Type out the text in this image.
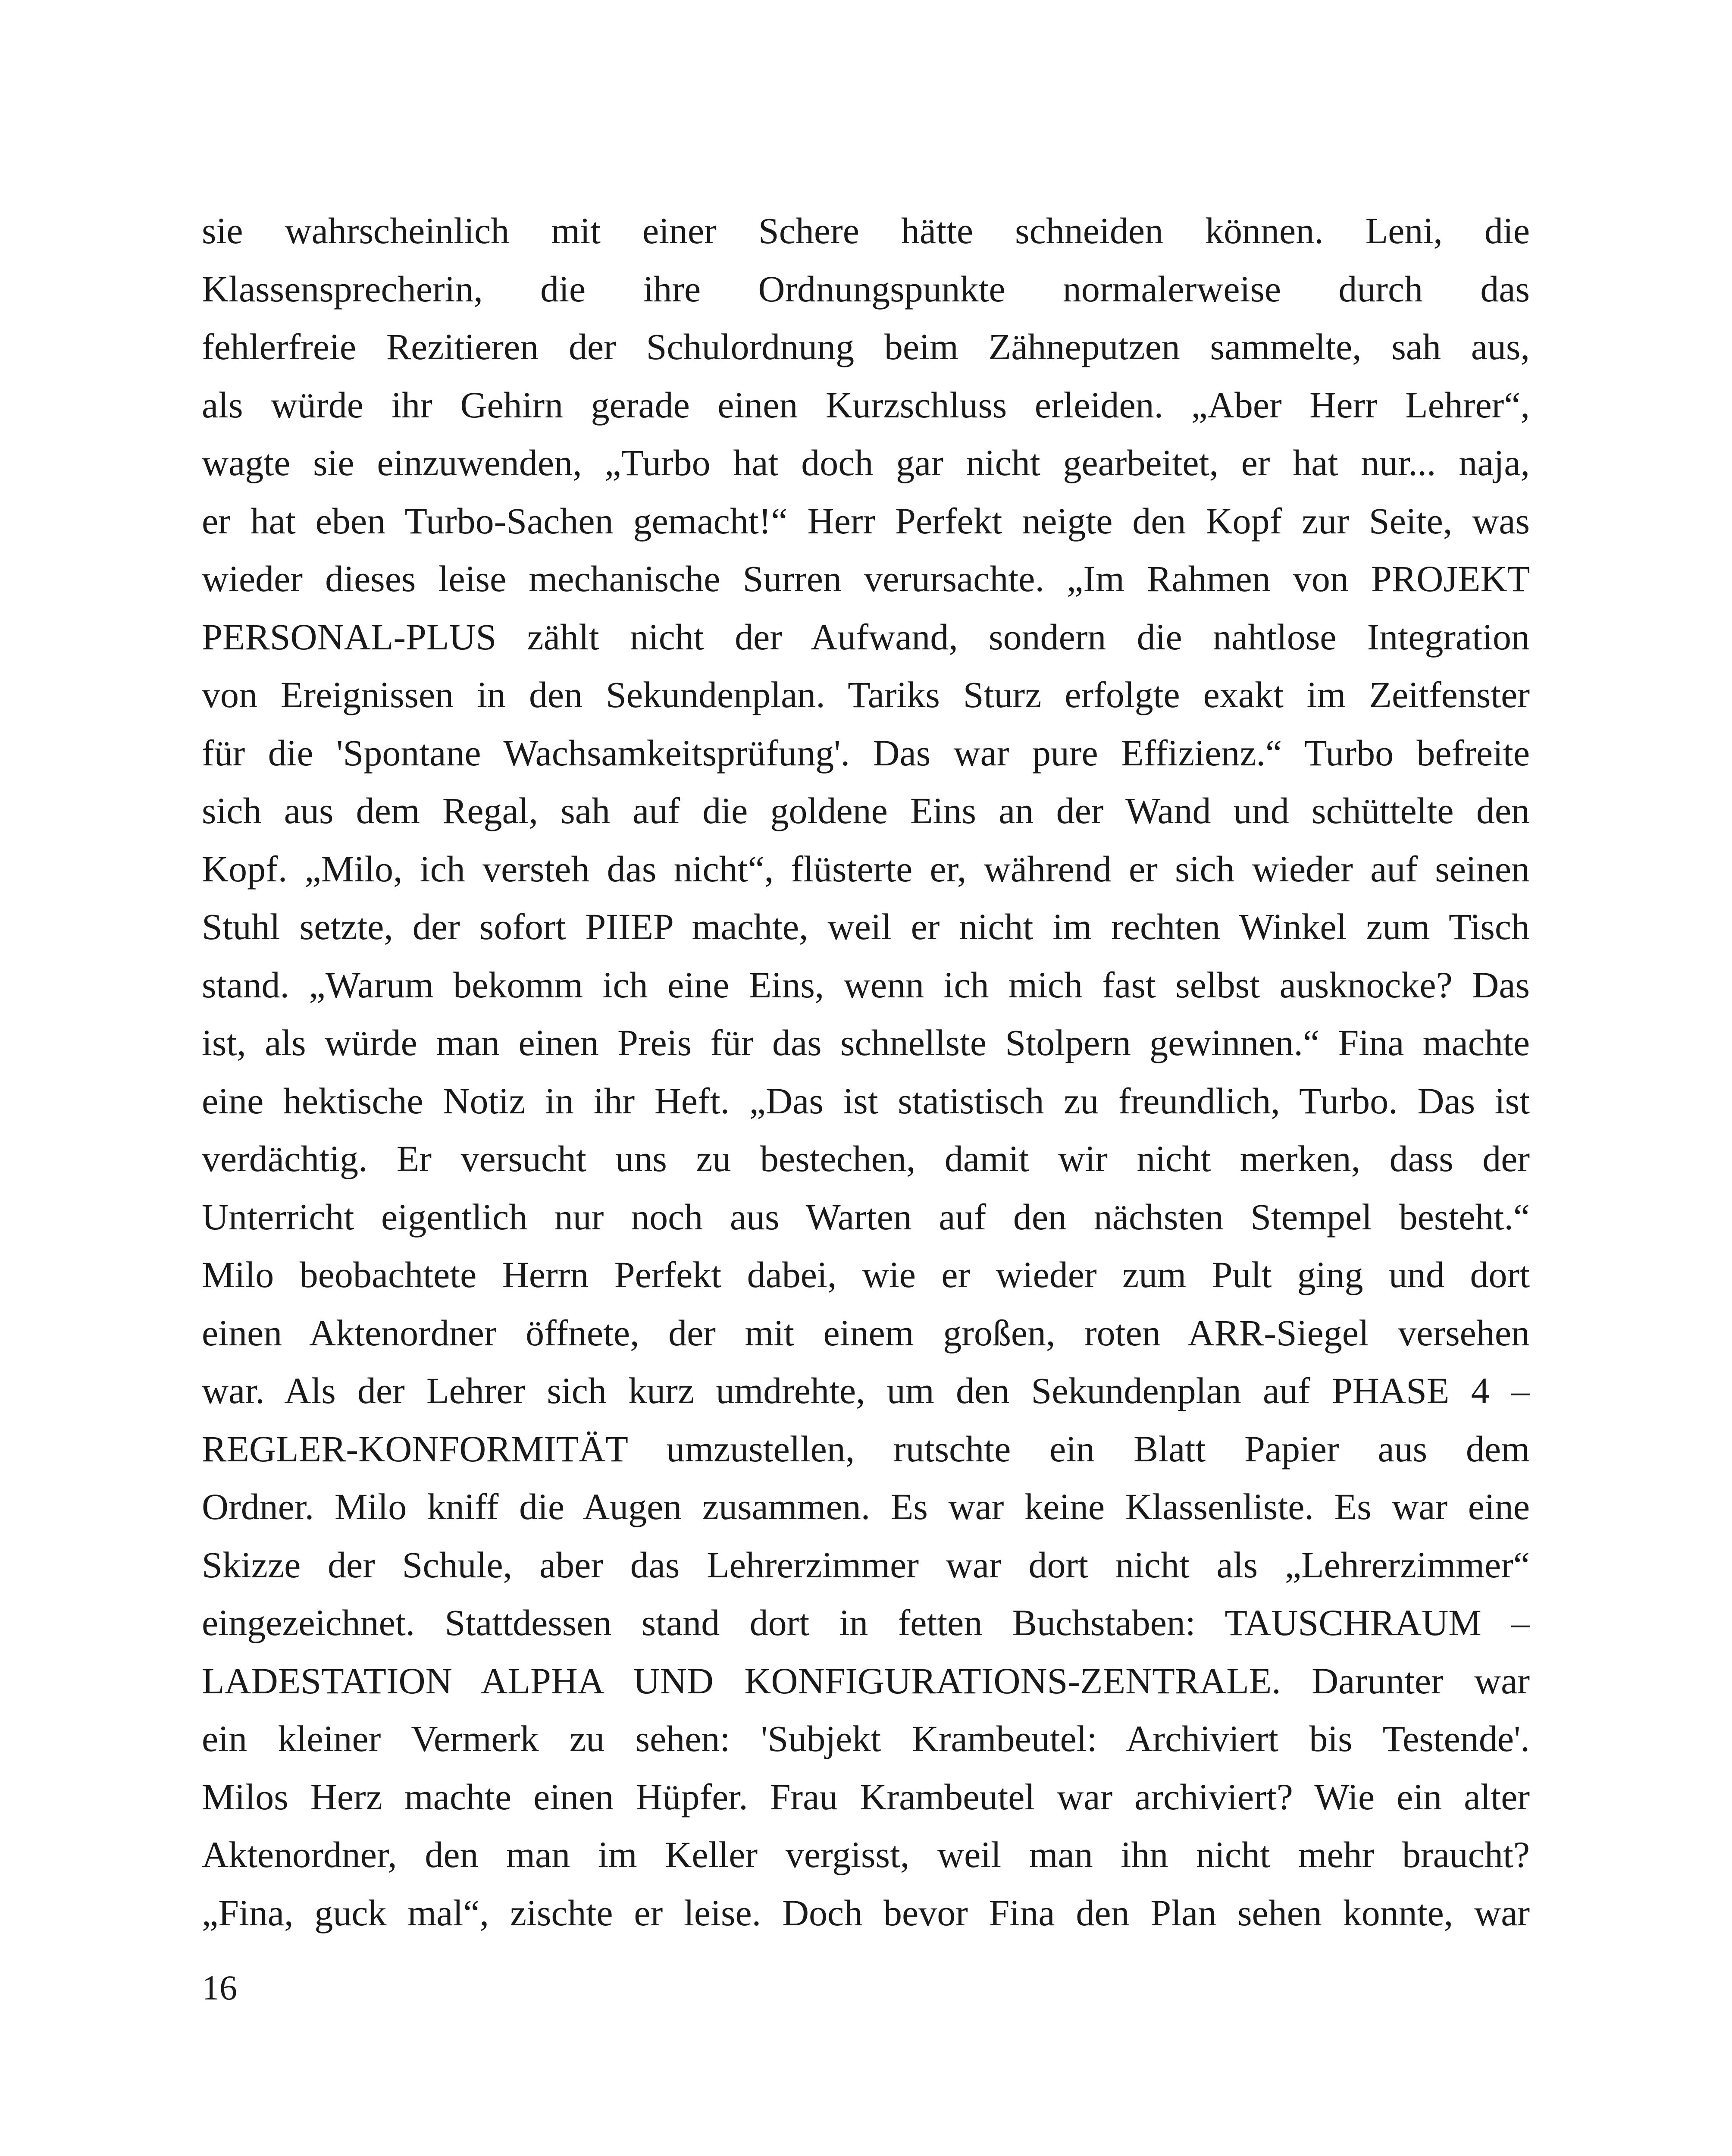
sie wahrscheinlich mit einer Schere hätte schneiden können. Leni, die
Klassensprecherin, die ihre Ordnungspunkte normalerweise durch das
fehlerfreie Rezitieren der Schulordnung beim Zähneputzen sammelte, sah aus,
als würde ihr Gehirn gerade einen Kurzschluss erleiden. „Aber Herr Lehrer“,
wagte sie einzuwenden, „Turbo hat doch gar nicht gearbeitet, er hat nur... naja,
er hat eben Turbo-Sachen gemacht!“ Herr Perfekt neigte den Kopf zur Seite, was
wieder dieses leise mechanische Surren verursachte. „Im Rahmen von PROJEKT
PERSONAL-PLUS zählt nicht der Aufwand, sondern die nahtlose Integration
von Ereignissen in den Sekundenplan. Tariks Sturz erfolgte exakt im Zeitfenster
für die 'Spontane Wachsamkeitsprüfung'. Das war pure Effizienz.“ Turbo befreite
sich aus dem Regal, sah auf die goldene Eins an der Wand und schüttelte den
Kopf. „Milo, ich versteh das nicht“, flüsterte er, während er sich wieder auf seinen
Stuhl setzte, der sofort PIIEP machte, weil er nicht im rechten Winkel zum Tisch
stand. „Warum bekomm ich eine Eins, wenn ich mich fast selbst ausknocke? Das
ist, als würde man einen Preis für das schnellste Stolpern gewinnen.“ Fina machte
eine hektische Notiz in ihr Heft. „Das ist statistisch zu freundlich, Turbo. Das ist
verdächtig. Er versucht uns zu bestechen, damit wir nicht merken, dass der
Unterricht eigentlich nur noch aus Warten auf den nächsten Stempel besteht.“
Milo beobachtete Herrn Perfekt dabei, wie er wieder zum Pult ging und dort
einen Aktenordner öffnete, der mit einem großen, roten ARR-Siegel versehen
war. Als der Lehrer sich kurz umdrehte, um den Sekundenplan auf PHASE 4 –
REGLER-KONFORMITÄT umzustellen, rutschte ein Blatt Papier aus dem
Ordner. Milo kniff die Augen zusammen. Es war keine Klassenliste. Es war eine
Skizze der Schule, aber das Lehrerzimmer war dort nicht als „Lehrerzimmer“
eingezeichnet. Stattdessen stand dort in fetten Buchstaben: TAUSCHRAUM –
LADESTATION ALPHA UND KONFIGURATIONS-ZENTRALE. Darunter war
ein kleiner Vermerk zu sehen: 'Subjekt Krambeutel: Archiviert bis Testende'.
Milos Herz machte einen Hüpfer. Frau Krambeutel war archiviert? Wie ein alter
Aktenordner, den man im Keller vergisst, weil man ihn nicht mehr braucht?
„Fina, guck mal“, zischte er leise. Doch bevor Fina den Plan sehen konnte, war
16
